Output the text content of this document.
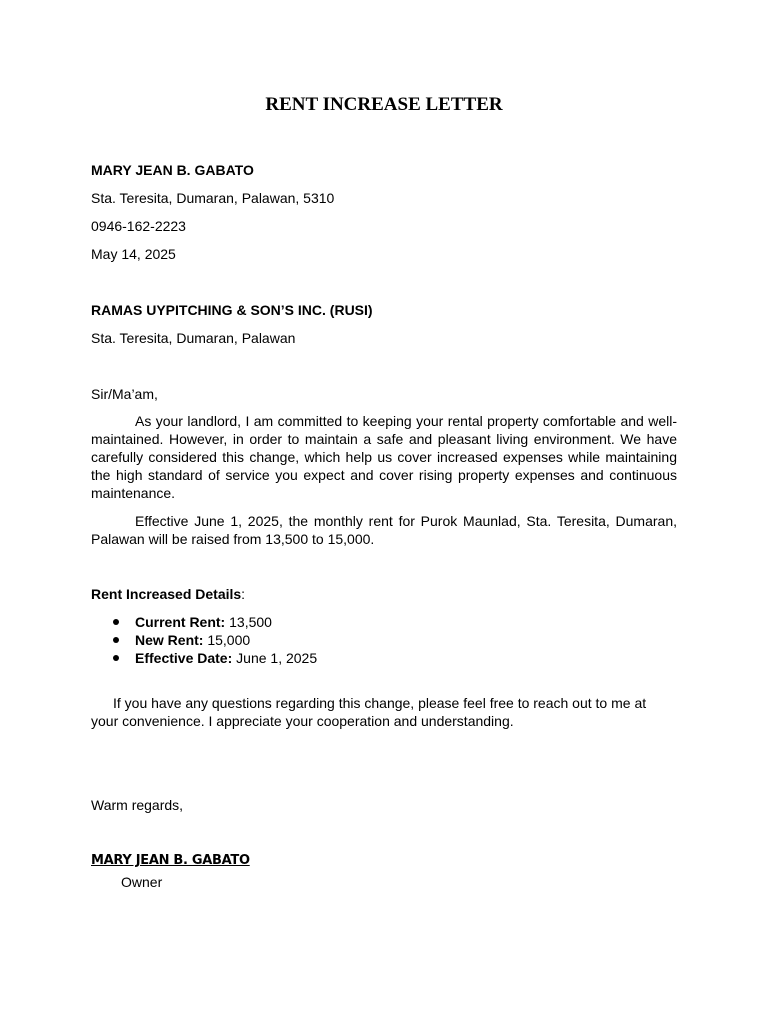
RENT INCREASE LETTER

MARY JEAN B. GABATO

Sta. Teresita, Dumaran, Palawan, 5310

0946-162-2223

May 14, 2025

RAMAS UYPITCHING & SON’S INC. (RUSI)

Sta. Teresita, Dumaran, Palawan

Sir/Ma’am,

As your landlord, I am committed to keeping your rental property comfortable and well-maintained. However, in order to maintain a safe and pleasant living environment. We have carefully considered this change, which help us cover increased expenses while maintaining the high standard of service you expect and cover rising property expenses and continuous maintenance.

Effective June 1, 2025, the monthly rent for Purok Maunlad, Sta. Teresita, Dumaran, Palawan will be raised from 13,500 to 15,000.

Rent Increased Details:

Current Rent: 13,500
New Rent: 15,000
Effective Date: June 1, 2025

If you have any questions regarding this change, please feel free to reach out to me at your convenience. I appreciate your cooperation and understanding.

Warm regards,

MARY JEAN B. GABATO

Owner
